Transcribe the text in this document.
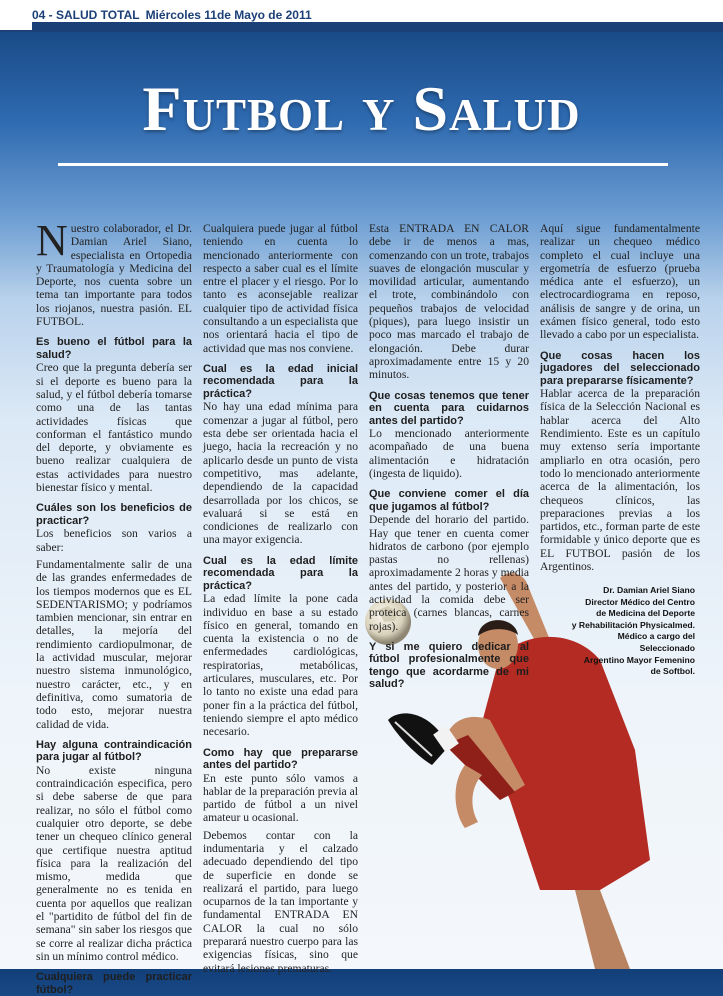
04 - SALUD TOTAL Miércoles 11de Mayo de 2011
Futbol y Salud
Dr. Damian Ariel Siano
Director Médico del Centro
de Medicina del Deporte
y Rehabilitación Physicalmed.
Médico a cargo del Seleccionado
Argentino Mayor Femenino
de Softbol.

Nuestro colaborador, el Dr. Damian Ariel Siano, especialista en Ortopedia y Traumatología y Medicina del Deporte, nos cuenta sobre un tema tan importante para todos los riojanos, nuestra pasión. EL FUTBOL.

Es bueno el fútbol para la salud?

Creo que la pregunta debería ser si el deporte es bueno para la salud, y el fútbol debería tomarse como una de las tantas actividades físicas que conforman el fantástico mundo del deporte, y obviamente es bueno realizar cualquiera de estas actividades para nuestro bienestar físico y mental.

Cuáles son los beneficios de practicar?

Los beneficios son varios a saber:

Fundamentalmente salir de una de las grandes enfermedades de los tiempos modernos que es EL SEDENTARISMO; y podríamos tambien mencionar, sin entrar en detalles, la mejoría del rendimiento cardiopulmonar, de la actividad muscular, mejorar nuestro sistema inmunológico, nuestro carácter, etc., y en definitiva, como sumatoria de todo esto, mejorar nuestra calidad de vida.

Hay alguna contraindicación para jugar al fútbol?

No existe ninguna contraindicación especifica, pero si debe saberse de que para realizar, no sólo el fútbol como cualquier otro deporte, se debe tener un chequeo clínico general que certifique nuestra aptitud física para la realización del mismo, medida que generalmente no es tenida en cuenta por aquellos que realizan el "partidito de fútbol del fin de semana" sin saber los riesgos que se corre al realizar dicha práctica sin un mínimo control médico.

Cualquiera puede practicar fútbol?

Cualquiera puede jugar al fútbol teniendo en cuenta lo mencionado anteriormente con respecto a saber cual es el límite entre el placer y el riesgo. Por lo tanto es aconsejable realizar cualquier tipo de actividad física consultando a un especialista que nos orientará hacia el tipo de actividad que mas nos conviene.

Cual es la edad inicial recomendada para la práctica?

No hay una edad mínima para comenzar a jugar al fútbol, pero esta debe ser orientada hacia el juego, hacia la recreación y no aplicarlo desde un punto de vista competitivo, mas adelante, dependiendo de la capacidad desarrollada por los chicos, se evaluará si se está en condiciones de realizarlo con una mayor exigencia.

Cual es la edad límite recomendada para la práctica?

La edad límite la pone cada individuo en base a su estado físico en general, tomando en cuenta la existencia o no de enfermedades cardiológicas, respiratorias, metabólicas, articulares, musculares, etc. Por lo tanto no existe una edad para poner fin a la práctica del fútbol, teniendo siempre el apto médico necesario.

Como hay que prepararse antes del partido?

En este punto sólo vamos a hablar de la preparación previa al partido de fútbol a un nivel amateur u ocasional.

Debemos contar con la indumentaria y el calzado adecuado dependiendo del tipo de superficie en donde se realizará el partido, para luego ocuparnos de la tan importante y fundamental ENTRADA EN CALOR la cual no sólo preparará nuestro cuerpo para las exigencias físicas, sino que evitará lesiones prematuras.

Esta ENTRADA EN CALOR debe ir de menos a mas, comenzando con un trote, trabajos suaves de elongación muscular y movilidad articular, aumentando el trote, combinándolo con pequeños trabajos de velocidad (piques), para luego insistir un poco mas marcado el trabajo de elongación. Debe durar aproximadamente entre 15 y 20 minutos.

Que cosas tenemos que tener en cuenta para cuidarnos antes del partido?

Lo mencionado anteriormente acompañado de una buena alimentación e hidratación (ingesta de liquido).

Que conviene comer el día que jugamos al fútbol?

Depende del horario del partido. Hay que tener en cuenta comer hidratos de carbono (por ejemplo pastas no rellenas) aproximadamente 2 horas y media antes del partido, y posterior a la actividad la comida debe ser proteica (carnes blancas, carnes rojas).

Y si me quiero dedicar al fútbol profesionalmente que tengo que acordarme de mi salud?

Aquí sigue fundamentalmente realizar un chequeo médico completo el cual incluye una ergometría de esfuerzo (prueba médica ante el esfuerzo), un electrocardiograma en reposo, análisis de sangre y de orina, un exámen físico general, todo esto llevado a cabo por un especialista.

Que cosas hacen los jugadores del seleccionado para prepararse físicamente?

Hablar acerca de la preparación física de la Selección Nacional es hablar acerca del Alto Rendimiento. Este es un capítulo muy extenso sería importante ampliarlo en otra ocasión, pero todo lo mencionado anteriormente acerca de la alimentación, los chequeos clínicos, las preparaciones previas a los partidos, etc., forman parte de este formidable y único deporte que es EL FUTBOL pasión de los Argentinos.
